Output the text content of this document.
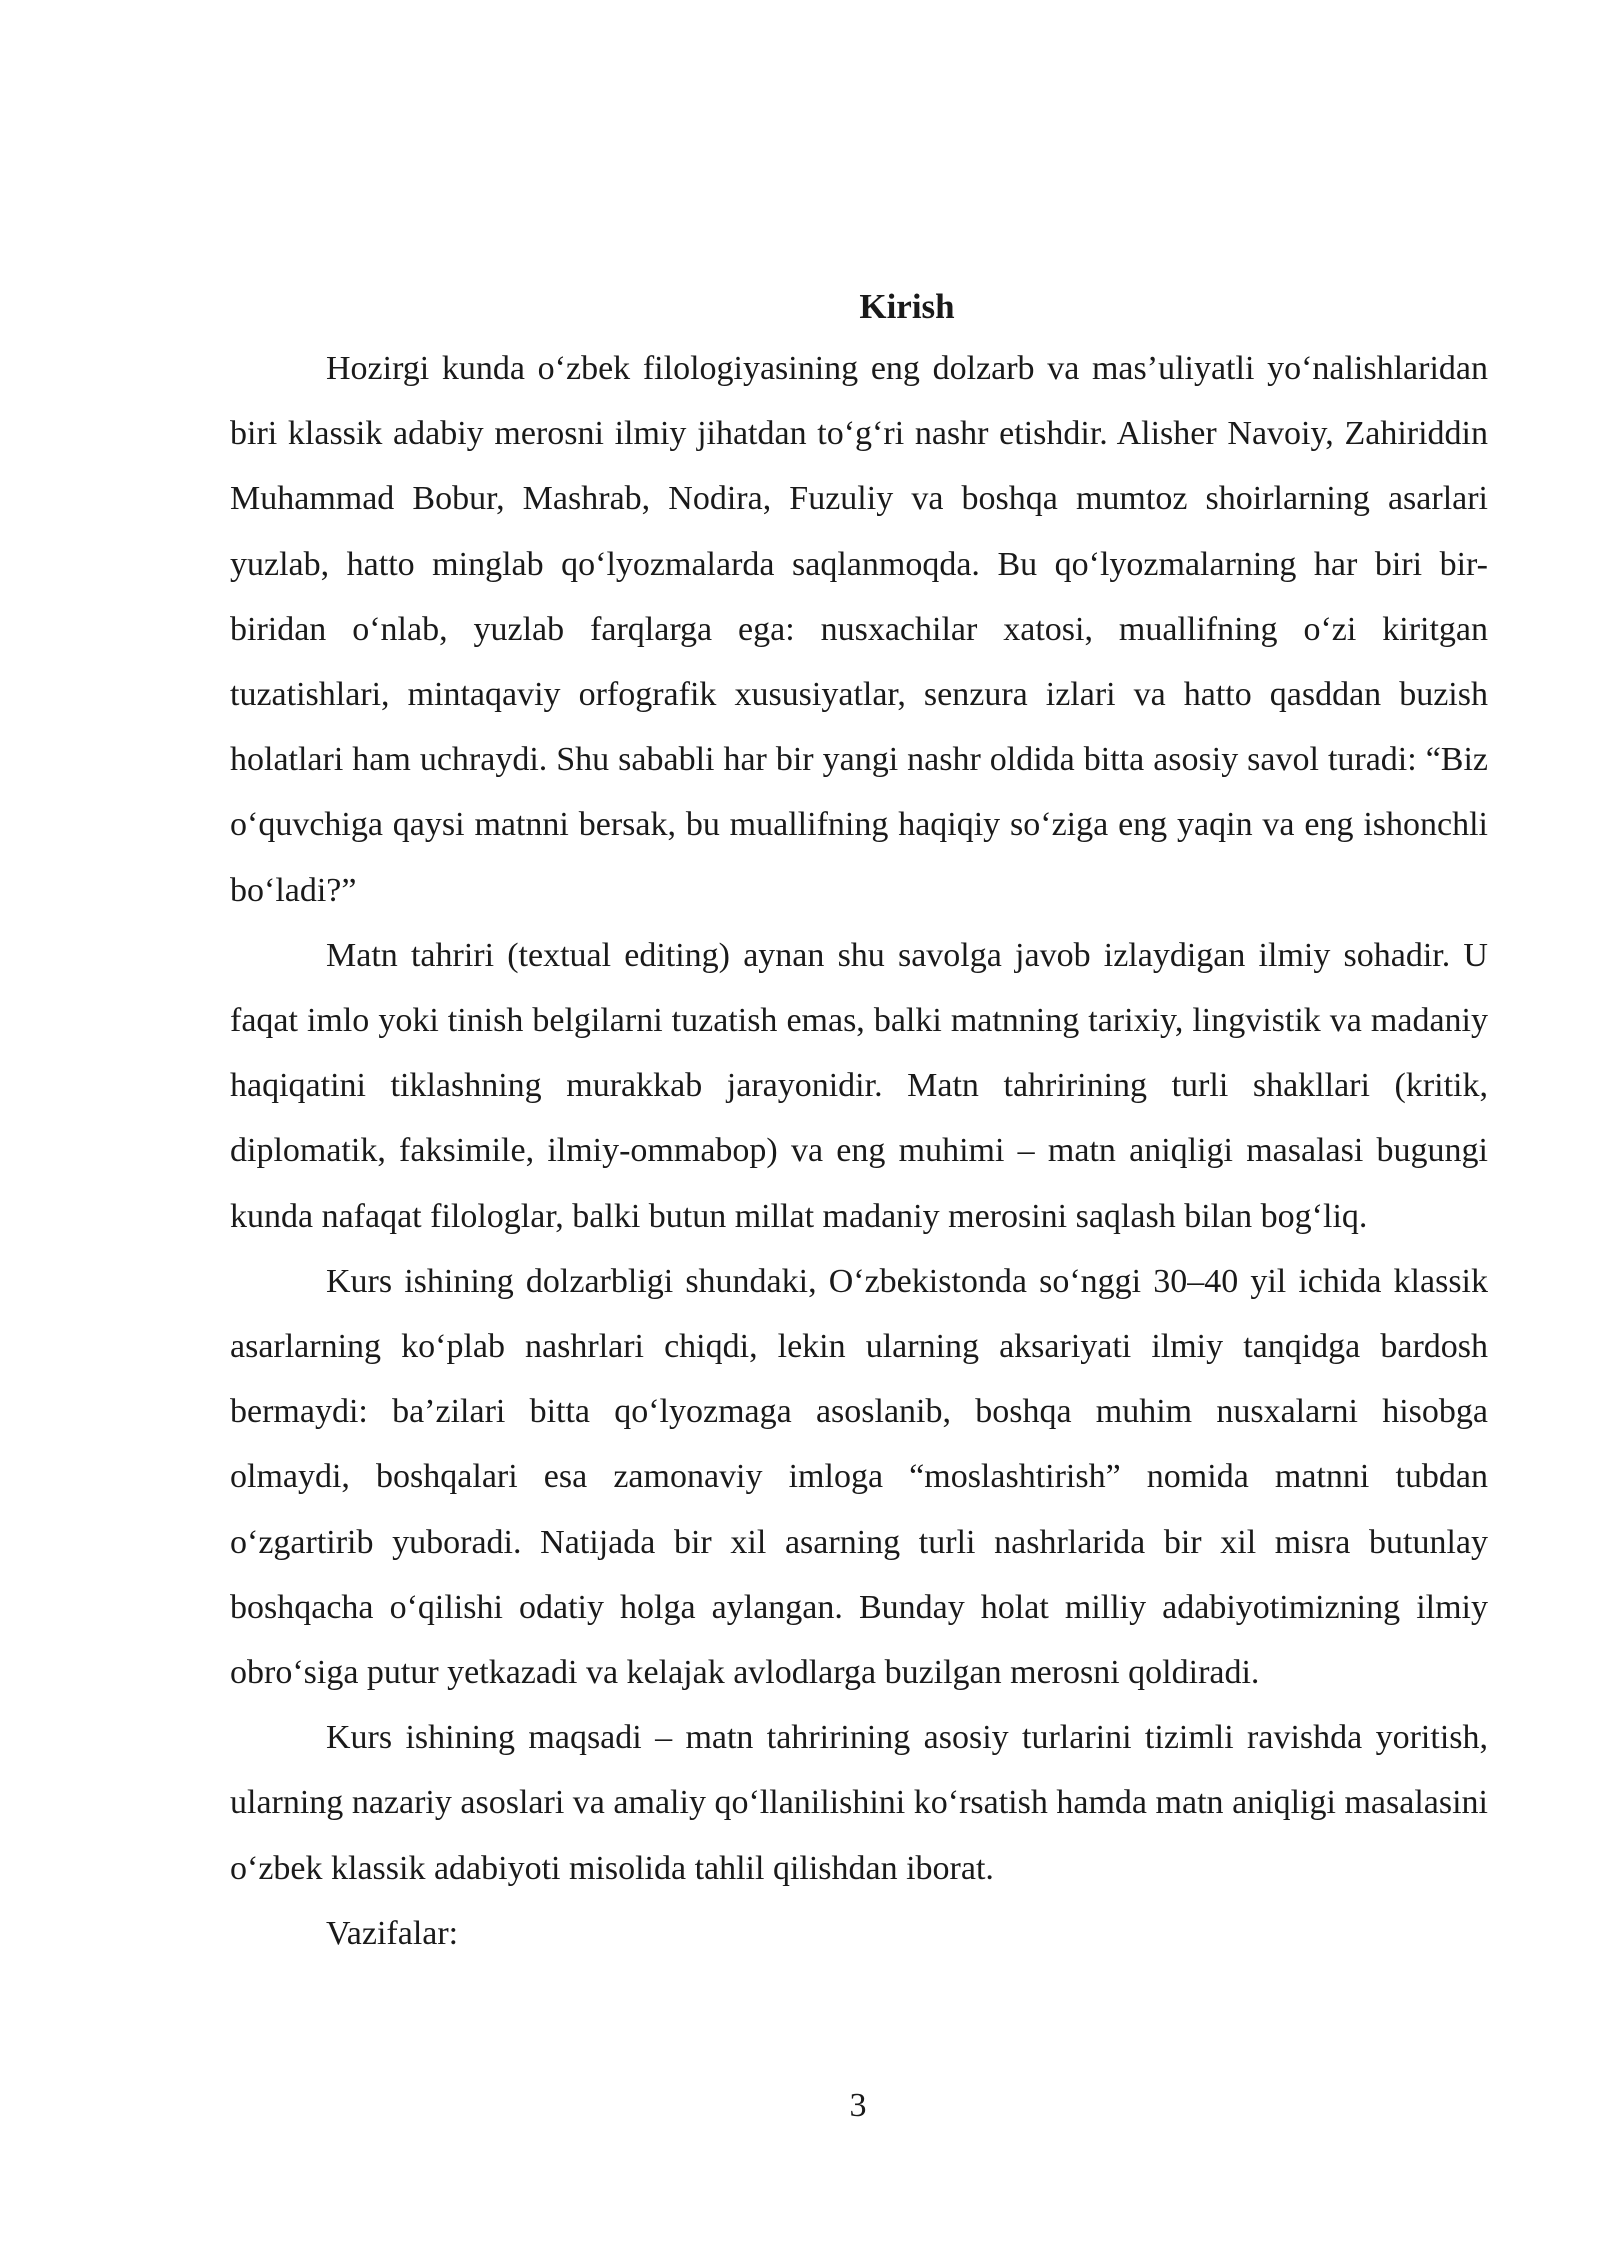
Kirish

Hozirgi kunda o‘zbek filologiyasining eng dolzarb va mas’uliyatli yo‘nalishlaridan biri klassik adabiy merosni ilmiy jihatdan to‘g‘ri nashr etishdir. Alisher Navoiy, Zahiriddin Muhammad Bobur, Mashrab, Nodira, Fuzuliy va boshqa mumtoz shoirlarning asarlari yuzlab, hatto minglab qo‘lyozmalarda saqlanmoqda. Bu qo‘lyozmalarning har biri bir-biridan o‘nlab, yuzlab farqlarga ega: nusxachilar xatosi, muallifning o‘zi kiritgan tuzatishlari, mintaqaviy orfografik xususiyatlar, senzura izlari va hatto qasddan buzish holatlari ham uchraydi. Shu sababli har bir yangi nashr oldida bitta asosiy savol turadi: “Biz o‘quvchiga qaysi matnni bersak, bu muallifning haqiqiy so‘ziga eng yaqin va eng ishonchli bo‘ladi?”

Matn tahriri (textual editing) aynan shu savolga javob izlaydigan ilmiy sohadir. U faqat imlo yoki tinish belgilarni tuzatish emas, balki matnning tarixiy, lingvistik va madaniy haqiqatini tiklashning murakkab jarayonidir. Matn tahririning turli shakllari (kritik, diplomatik, faksimile, ilmiy-ommabop) va eng muhimi – matn aniqligi masalasi bugungi kunda nafaqat filologlar, balki butun millat madaniy merosini saqlash bilan bog‘liq.

Kurs ishining dolzarbligi shundaki, O‘zbekistonda so‘nggi 30–40 yil ichida klassik asarlarning ko‘plab nashrlari chiqdi, lekin ularning aksariyati ilmiy tanqidga bardosh bermaydi: ba’zilari bitta qo‘lyozmaga asoslanib, boshqa muhim nusxalarni hisobga olmaydi, boshqalari esa zamonaviy imloga “moslashtirish” nomida matnni tubdan o‘zgartirib yuboradi. Natijada bir xil asarning turli nashrlarida bir xil misra butunlay boshqacha o‘qilishi odatiy holga aylangan. Bunday holat milliy adabiyotimizning ilmiy obro‘siga putur yetkazadi va kelajak avlodlarga buzilgan merosni qoldiradi.

Kurs ishining maqsadi – matn tahririning asosiy turlarini tizimli ravishda yoritish, ularning nazariy asoslari va amaliy qo‘llanilishini ko‘rsatish hamda matn aniqligi masalasini o‘zbek klassik adabiyoti misolida tahlil qilishdan iborat.

Vazifalar:

3
